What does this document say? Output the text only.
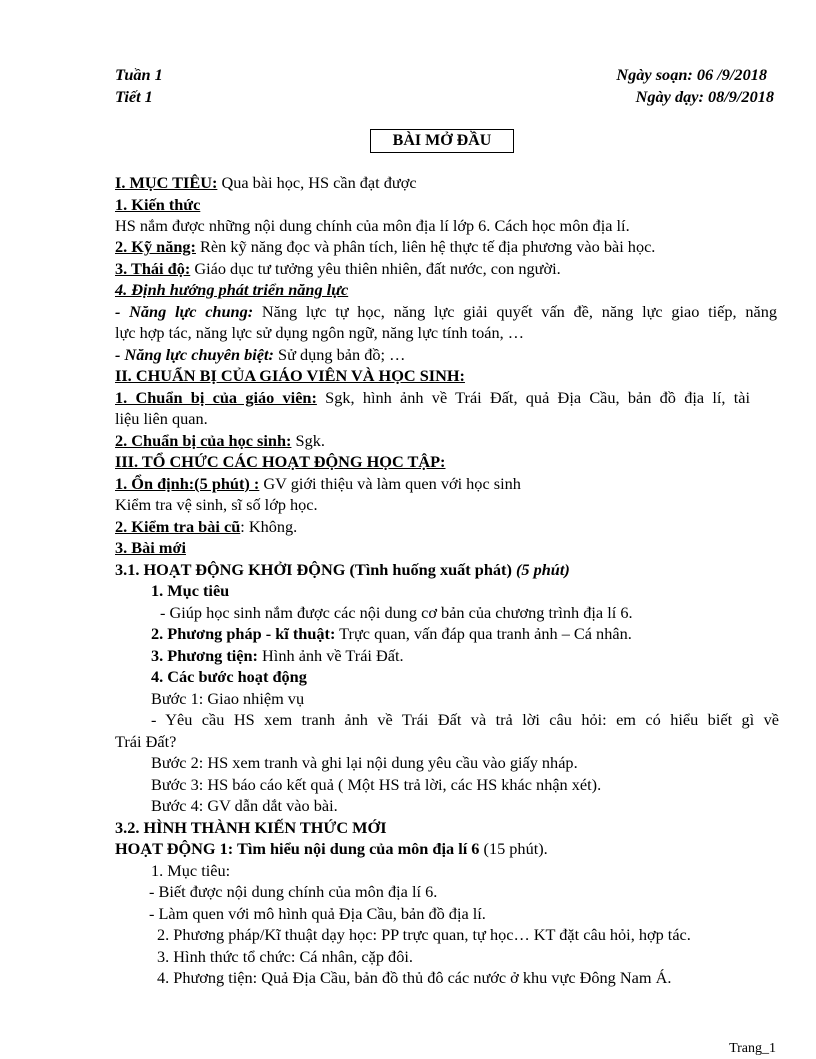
Tuần 1
Tiết 1
Ngày soạn: 06 /9/2018
Ngày dạy: 08/9/2018
BÀI MỞ ĐẦU
I. MỤC TIÊU: Qua bài học, HS cần đạt được
1. Kiến thức
HS nắm được những nội dung chính của môn địa lí lớp 6. Cách học môn địa lí.
2. Kỹ năng: Rèn kỹ năng đọc và phân tích, liên hệ thực tế địa phương vào bài học.
3. Thái độ: Giáo dục tư tưởng yêu thiên nhiên, đất nước, con người.
4. Định hướng phát triển năng lực
- Năng lực chung: Năng lực tự học, năng lực giải quyết vấn đề, năng lực giao tiếp, năng
lực hợp tác, năng lực sử dụng ngôn ngữ, năng lực tính toán, …
- Năng lực chuyên biệt: Sử dụng bản đồ; …
II. CHUẨN BỊ CỦA GIÁO VIÊN VÀ HỌC SINH:
1. Chuẩn bị của giáo viên: Sgk, hình ảnh về Trái Đất, quả Địa Cầu, bản đồ địa lí, tài
liệu liên quan.
2. Chuẩn bị của học sinh: Sgk.
III. TỔ CHỨC CÁC HOẠT ĐỘNG HỌC TẬP:
1. Ổn định:(5 phút) : GV giới thiệu và làm quen với học sinh
Kiểm tra vệ sinh, sĩ số lớp học.
2. Kiểm tra bài cũ: Không.
3. Bài mới
3.1. HOẠT ĐỘNG KHỞI ĐỘNG (Tình huống xuất phát) (5 phút)
1. Mục tiêu
- Giúp học sinh nắm được các nội dung cơ bản của chương trình địa lí 6.
2. Phương pháp - kĩ thuật: Trực quan, vấn đáp qua tranh ảnh – Cá nhân.
3. Phương tiện: Hình ảnh về Trái Đất.
4. Các bước hoạt động
Bước 1: Giao nhiệm vụ
- Yêu cầu HS xem tranh ảnh về Trái Đất và trả lời câu hỏi: em có hiểu biết gì về
Trái Đất?
Bước 2: HS xem tranh và ghi lại nội dung yêu cầu vào giấy nháp.
Bước 3: HS báo cáo kết quả ( Một HS trả lời, các HS khác nhận xét).
Bước 4: GV dẫn dắt vào bài.
3.2. HÌNH THÀNH KIẾN THỨC MỚI
HOẠT ĐỘNG 1: Tìm hiểu nội dung của môn địa lí 6 (15 phút).
1. Mục tiêu:
- Biết được nội dung chính của môn địa lí 6.
- Làm quen với mô hình quả Địa Cầu, bản đồ địa lí.
2. Phương pháp/Kĩ thuật dạy học: PP trực quan, tự học… KT đặt câu hỏi, hợp tác.
3. Hình thức tổ chức: Cá nhân, cặp đôi.
4. Phương tiện: Quả Địa Cầu, bản đồ thủ đô các nước ở khu vực Đông Nam Á.
Trang_1
